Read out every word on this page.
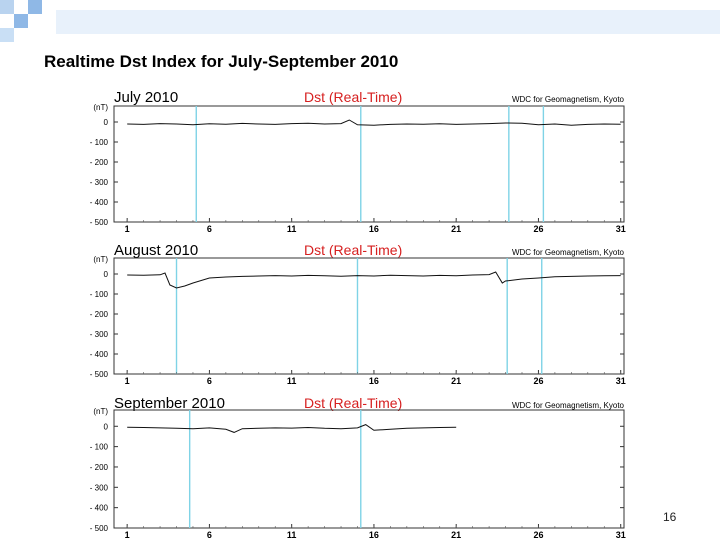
Realtime Dst Index for July-September 2010
July 2010	Dst (Real-Time)	WDC for Geomagnetism, Kyoto
(nT)
0
- 100
- 200
- 300
- 400
- 500
1	6	11	16	21	26	31
August 2010	Dst (Real-Time)	WDC for Geomagnetism, Kyoto
(nT)
0
- 100
- 200
- 300
- 400
- 500
1	6	11	16	21	26	31
September 2010	Dst (Real-Time)	WDC for Geomagnetism, Kyoto
(nT)
0
- 100
- 200
- 300
- 400
- 500
1	6	11	16	21	26	31
16
